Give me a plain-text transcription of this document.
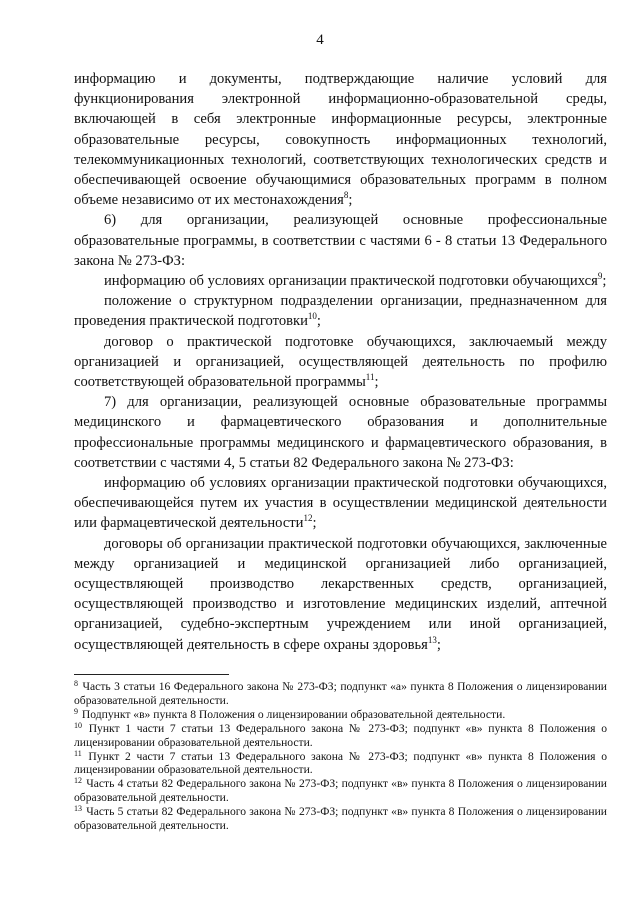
4

информацию и документы, подтверждающие наличие условий для функционирования электронной информационно-образовательной среды, включающей в себя электронные информационные ресурсы, электронные образовательные ресурсы, совокупность информационных технологий, телекоммуникационных технологий, соответствующих технологических средств и обеспечивающей освоение обучающимися образовательных программ в полном объеме независимо от их местонахождения$^8$;

6) для организации, реализующей основные профессиональные образовательные программы, в соответствии с частями 6 - 8 статьи 13 Федерального закона № 273-ФЗ:

информацию об условиях организации практической подготовки обучающихся$^9$;

положение о структурном подразделении организации, предназначенном для проведения практической подготовки$^{10}$;

договор о практической подготовке обучающихся, заключаемый между организацией и организацией, осуществляющей деятельность по профилю соответствующей образовательной программы$^{11}$;

7) для организации, реализующей основные образовательные программы медицинского и фармацевтического образования и дополнительные профессиональные программы медицинского и фармацевтического образования, в соответствии с частями 4, 5 статьи 82 Федерального закона № 273-ФЗ:

информацию об условиях организации практической подготовки обучающихся, обеспечивающейся путем их участия в осуществлении медицинской деятельности или фармацевтической деятельности$^{12}$;

договоры об организации практической подготовки обучающихся, заключенные между организацией и медицинской организацией либо организацией, осуществляющей производство лекарственных средств, организацией, осуществляющей производство и изготовление медицинских изделий, аптечной организацией, судебно-экспертным учреждением или иной организацией, осуществляющей деятельность в сфере охраны здоровья$^{13}$;

$^8$ Часть 3 статьи 16 Федерального закона № 273-ФЗ; подпункт «а» пункта 8 Положения о лицензировании образовательной деятельности.

$^9$ Подпункт «в» пункта 8 Положения о лицензировании образовательной деятельности.

$^{10}$ Пункт 1 части 7 статьи 13 Федерального закона № 273-ФЗ; подпункт «в» пункта 8 Положения о лицензировании образовательной деятельности.

$^{11}$ Пункт 2 части 7 статьи 13 Федерального закона № 273-ФЗ; подпункт «в» пункта 8 Положения о лицензировании образовательной деятельности.

$^{12}$ Часть 4 статьи 82 Федерального закона № 273-ФЗ; подпункт «в» пункта 8 Положения о лицензировании образовательной деятельности.

$^{13}$ Часть 5 статьи 82 Федерального закона № 273-ФЗ; подпункт «в» пункта 8 Положения о лицензировании образовательной деятельности.
